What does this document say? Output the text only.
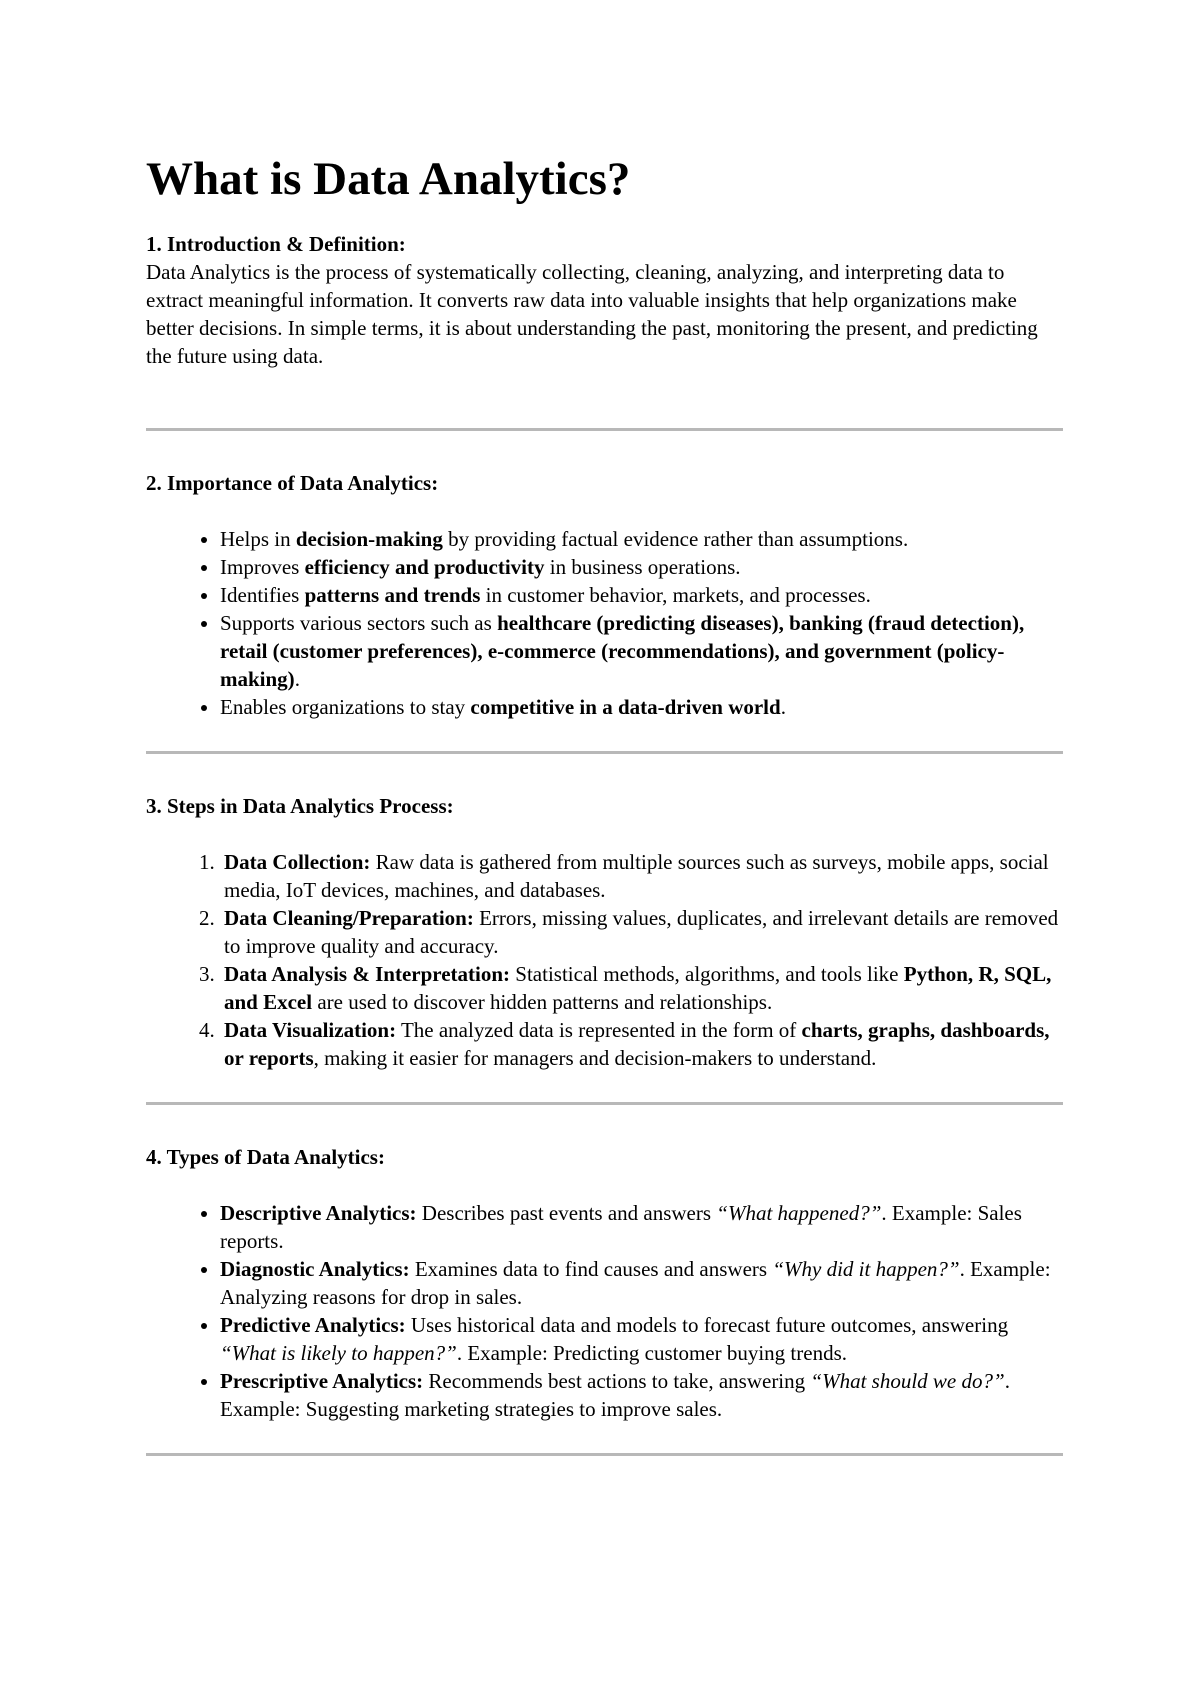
What is Data Analytics?

1. Introduction & Definition:

Data Analytics is the process of systematically collecting, cleaning, analyzing, and interpreting data to extract meaningful information. It converts raw data into valuable insights that help organizations make better decisions. In simple terms, it is about understanding the past, monitoring the present, and predicting the future using data.

2. Importance of Data Analytics:

• Helps in decision-making by providing factual evidence rather than assumptions.
• Improves efficiency and productivity in business operations.
• Identifies patterns and trends in customer behavior, markets, and processes.
• Supports various sectors such as healthcare (predicting diseases), banking (fraud detection), retail (customer preferences), e-commerce (recommendations), and government (policy-making).
• Enables organizations to stay competitive in a data-driven world.

3. Steps in Data Analytics Process:

1. Data Collection: Raw data is gathered from multiple sources such as surveys, mobile apps, social media, IoT devices, machines, and databases.
2. Data Cleaning/Preparation: Errors, missing values, duplicates, and irrelevant details are removed to improve quality and accuracy.
3. Data Analysis & Interpretation: Statistical methods, algorithms, and tools like Python, R, SQL, and Excel are used to discover hidden patterns and relationships.
4. Data Visualization: The analyzed data is represented in the form of charts, graphs, dashboards, or reports, making it easier for managers and decision-makers to understand.

4. Types of Data Analytics:

• Descriptive Analytics: Describes past events and answers “What happened?”. Example: Sales reports.
• Diagnostic Analytics: Examines data to find causes and answers “Why did it happen?”. Example: Analyzing reasons for drop in sales.
• Predictive Analytics: Uses historical data and models to forecast future outcomes, answering “What is likely to happen?”. Example: Predicting customer buying trends.
• Prescriptive Analytics: Recommends best actions to take, answering “What should we do?”. Example: Suggesting marketing strategies to improve sales.
